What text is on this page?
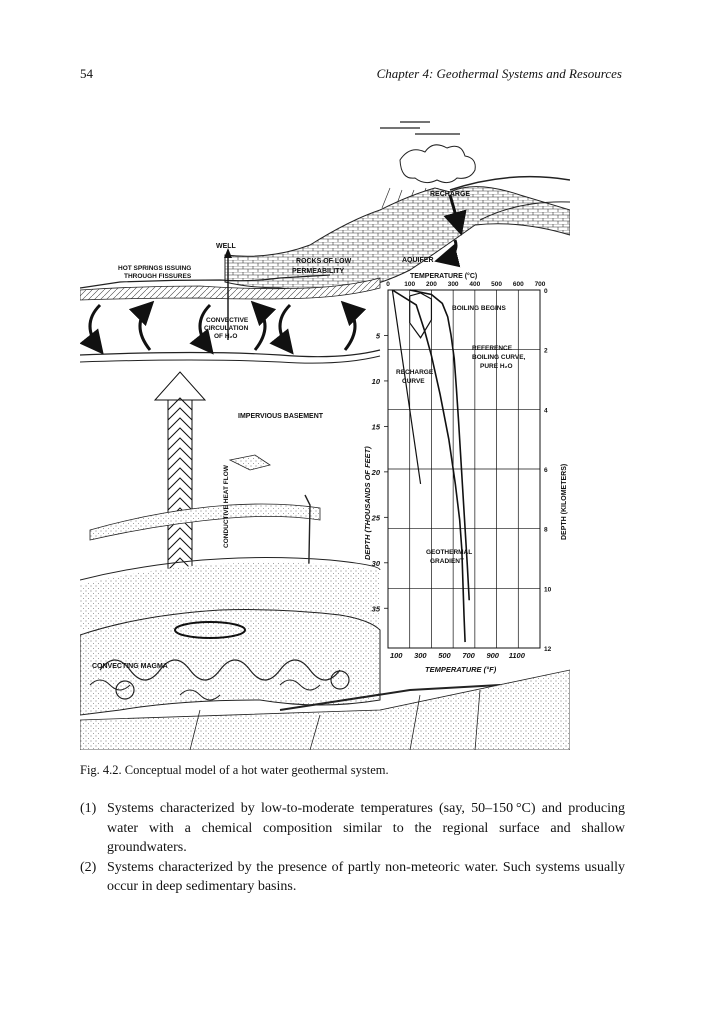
54	Chapter 4: Geothermal Systems and Resources
RECHARGE
WELL
HOT SPRINGS ISSUING
THROUGH FISSURES
ROCKS OF LOW
PERMEABILITY
AQUIFER
CONVECTIVE
CIRCULATION
OF H₂O
IMPERVIOUS BASEMENT
CONDUCTIVE HEAT FLOW
CONVECTING MAGMA
TEMPERATURE (°C)
TEMPERATURE (°F)
DEPTH (THOUSANDS OF FEET)	DEPTH (KILOMETERS)
0 100 200 300 400 500 600 700
100 300 500 700 900 1100
0
2
4
6
8
10
12
5
10
15
20
25
30
35
BOILING BEGINS
REFERENCE
BOILING CURVE,
PURE H₂O
RECHARGE
CURVE
GEOTHERMAL
GRADIENT
Fig. 4.2. Conceptual model of a hot water geothermal system.
(1) Systems characterized by low-to-moderate temperatures (say, 50–150 °C) and producing water with a chemical composition similar to the regional surface and shallow groundwaters.
(2) Systems characterized by the presence of partly non-meteoric water. Such systems usually occur in deep sedimentary basins.
